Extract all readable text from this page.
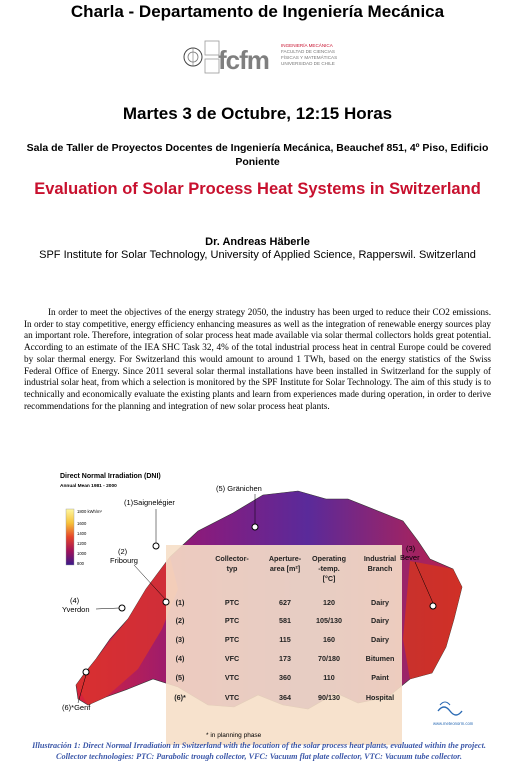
Charla - Departamento de Ingeniería Mecánica
fcfm	INGENIERÍA MECÁNICA
FACULTAD DE CIENCIAS
FÍSICAS Y MATEMÁTICAS
UNIVERSIDAD DE CHILE
Martes 3 de Octubre, 12:15 Horas
Sala de Taller de Proyectos Docentes de Ingeniería Mecánica, Beauchef 851, 4º Piso, Edificio Poniente
Evaluation of Solar Process Heat Systems in Switzerland
Dr. Andreas Häberle
SPF Institute for Solar Technology, University of Applied Science, Rapperswil. Switzerland
In order to meet the objectives of the energy strategy 2050, the industry has been urged to reduce their CO2 emissions. In order to stay competitive, energy efficiency enhancing measures as well as the integration of renewable energy sources play an important role. Therefore, integration of solar process heat made available via solar thermal collectors holds great potential. According to an estimate of the IEA SHC Task 32, 4% of the total industrial process heat in central Europe could be covered by solar thermal energy. For Switzerland this would amount to around 1 TWh, based on the energy statistics of the Swiss Federal Office of Energy. Since 2011 several solar thermal installations have been installed in Switzerland for the supply of industrial solar heat, from which a selection is monitored by the SPF Institute for Solar Technology. The aim of this study is to technically and economically evaluate the existing plants and learn from experiences made during operation, in order to derive recommendations for the planning and integration of new solar process heat plants.
Direct Normal Irradiation (DNI)
Annual Mean 1981 - 2000
1800 kWh/m²
1600
1400
1200
1000
800
Collector-
typ
Aperture-
area [m²]
Operating
-temp.
[°C]
Industrial
Branch
(1)	PTC	627	120	Dairy
(2)	PTC	581	105/130	Dairy
(3)	PTC	115	160	Dairy
(4)	VFC	173	70/180	Bitumen
(5)	VTC	360	110	Paint
(6)*	VTC	364	90/130	Hospital
(1)Saignelégier
(2)
Fribourg
(3)
Bever
(4)
Yverdon
(5) Gränichen
(6)*Genf
* in planning phase
www.meteonorm.com
Illustración 1: Direct Normal Irradiation in Switzerland with the location of the solar process heat plants, evaluated within the project. Collector technologies: PTC: Parabolic trough collector, VFC: Vacuum flat plate collector, VTC: Vacuum tube collector.
